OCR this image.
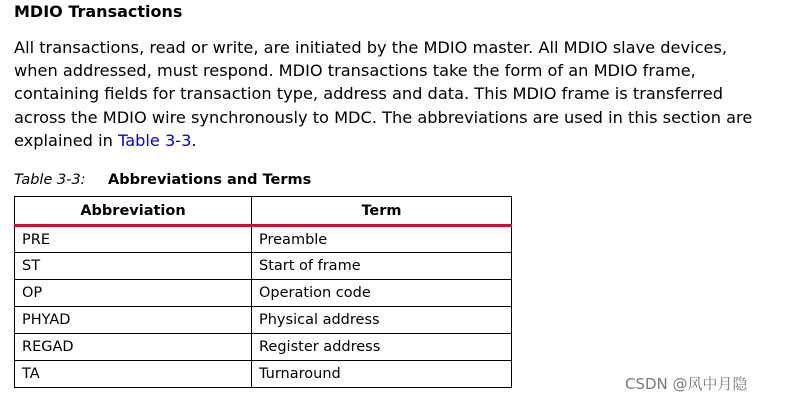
MDIO Transactions
All transactions, read or write, are initiated by the MDIO master. All MDIO slave devices,
when addressed, must respond. MDIO transactions take the form of an MDIO frame,
containing fields for transaction type, address and data. This MDIO frame is transferred
across the MDIO wire synchronously to MDC. The abbreviations are used in this section are
explained in Table 3-3.
Table 3-3: Abbreviations and Terms
Abbreviation	Term
PRE	Preamble
ST	Start of frame
OP	Operation code
PHYAD	Physical address
REGAD	Register address
TA	Turnaround
CSDN @风中月隐
